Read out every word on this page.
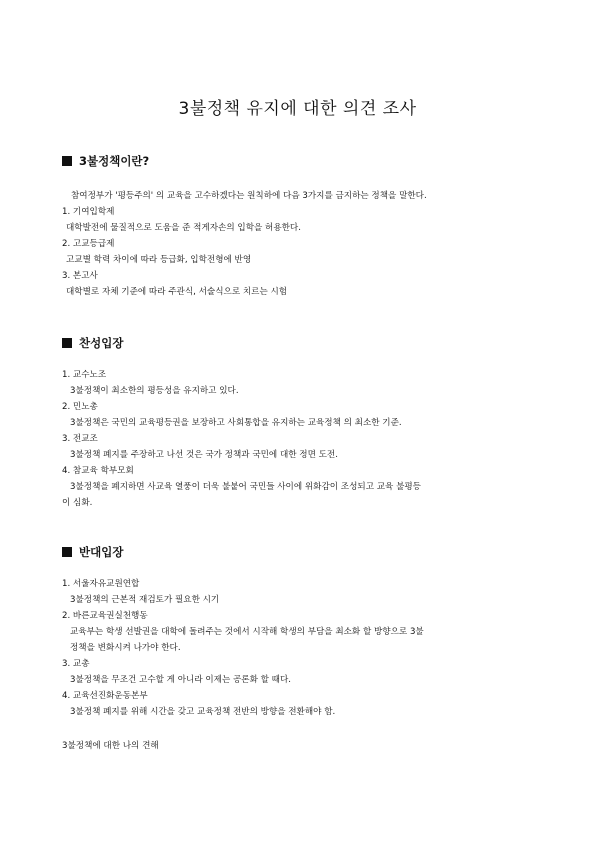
3불정책 유지에 대한 의견 조사
3불정책이란?
참여정부가 '평등주의' 의 교육을 고수하겠다는 원칙하에 다음 3가지를 금지하는 정책을 말한다.
1. 기여입학제
대학발전에 물질적으로 도움을 준 적게자손의 입학을 허용한다.
2. 고교등급제
고교별 학력 차이에 따라 등급화, 입학전형에 반영
3. 본고사
대학별로 자체 기준에 따라 주관식, 서술식으로 치르는 시험
찬성입장
1. 교수노조
3불정책이 최소한의 평등성을 유지하고 있다.
2. 민노총
3불정책은 국민의 교육평등권을 보장하고 사회통합을 유지하는 교육정책 의 최소한 기준.
3. 전교조
3불정책 폐지를 주장하고 나선 것은 국가 정책과 국민에 대한 정면 도전.
4. 참교육 학부모회
3불정책을 폐지하면 사교육 열풍이 더욱 불붙어 국민들 사이에 위화감이 조성되고 교육 불평등
이 심화.
반대입장
1. 서울자유교원연합
3불정책의 근본적 재검토가 필요한 시기
2. 바른교육권실천행동
교육부는 학생 선발권을 대학에 돌려주는 것에서 시작해 학생의 부담을 최소화 할 방향으로 3불
정책을 변화시켜 나가야 한다.
3. 교총
3불정책을 무조건 고수할 게 아니라 이제는 공론화 할 때다.
4. 교육선진화운동본부
3불정책 폐지를 위해 시간을 갖고 교육정책 전반의 방향을 전환해야 함.
3불정책에 대한 나의 견해
